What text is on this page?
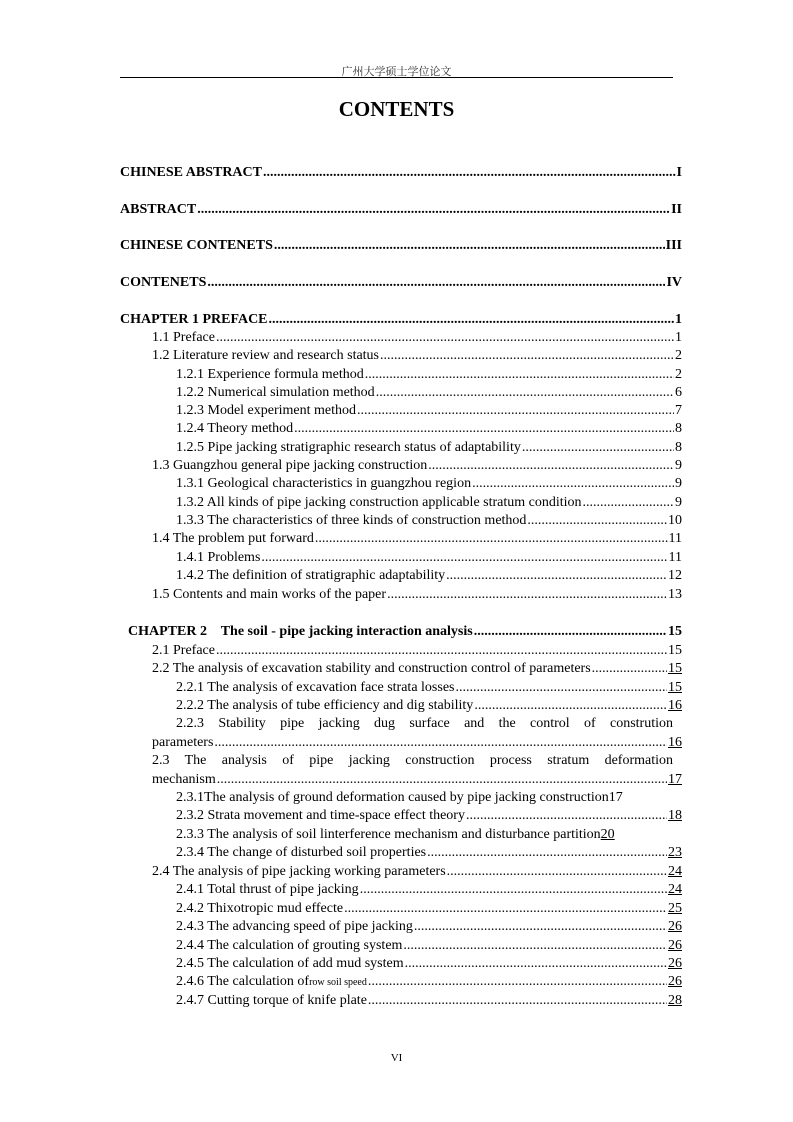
广州大学硕士学位论文
CONTENTS
CHINESE ABSTRACT .....	I
ABSTRACT .....	II
CHINESE CONTENETS .....	III
CONTENETS .....	IV
CHAPTER 1 PREFACE .....	1
1.1 Preface .....	1
1.2 Literature review and research status .....	2
1.2.1 Experience formula method .....	2
1.2.2 Numerical simulation method .....	6
1.2.3 Model experiment method .....	7
1.2.4 Theory method .....	8
1.2.5 Pipe jacking stratigraphic research status of adaptability .....	8
1.3 Guangzhou general pipe jacking construction .....	9
1.3.1 Geological characteristics in guangzhou region .....	9
1.3.2 All kinds of pipe jacking construction applicable stratum condition .....	9
1.3.3 The characteristics of three kinds of construction method .....	10
1.4 The problem put forward .....	11
1.4.1 Problems .....	11
1.4.2 The definition of stratigraphic adaptability .....	12
1.5 Contents and main works of the paper .....	13
CHAPTER 2    The soil - pipe jacking interaction analysis .....	15
2.1 Preface .....	15
2.2 The analysis of excavation stability and construction control of parameters .....	15
2.2.1 The analysis of excavation face strata losses .....	15
2.2.2 The analysis of tube efficiency and dig stability .....	16
2.2.3 Stability pipe jacking dug surface and the control of constrution
parameters .....	16
2.3 The analysis of pipe jacking construction process stratum deformation
mechanism .....	17
2.3.1The analysis of ground deformation caused by pipe jacking construction 17
2.3.2 Strata movement and time-space effect theory .....	18
2.3.3 The analysis of soil linterference mechanism and disturbance partition 20
2.3.4 The change of disturbed soil properties .....	23
2.4 The analysis of pipe jacking working parameters .....	24
2.4.1 Total thrust of pipe jacking .....	24
2.4.2 Thixotropic mud effecte .....	25
2.4.3 The advancing speed of pipe jacking .....	26
2.4.4 The calculation of grouting system .....	26
2.4.5 The calculation of add mud system .....	26
2.4.6 The calculation of row soil speed .....	26
2.4.7 Cutting torque of knife plate .....	28
VI
